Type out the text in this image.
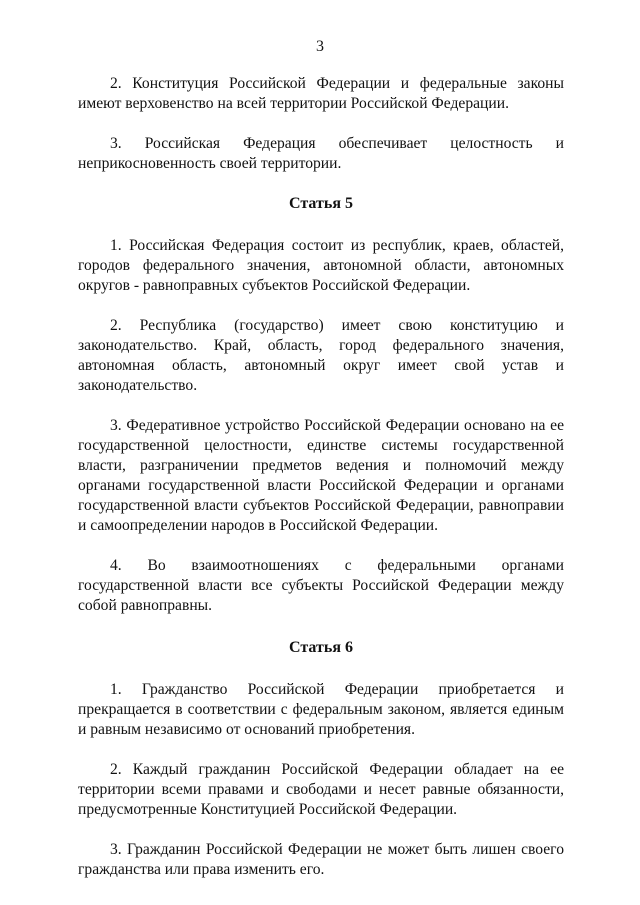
3

2. Конституция Российской Федерации и федеральные законы имеют верховенство на всей территории Российской Федерации.

3. Российская Федерация обеспечивает целостность и неприкосновенность своей территории.

Статья 5

1. Российская Федерация состоит из республик, краев, областей, городов федерального значения, автономной области, автономных округов - равноправных субъектов Российской Федерации.

2. Республика (государство) имеет свою конституцию и законодательство. Край, область, город федерального значения, автономная область, автономный округ имеет свой устав и законодательство.

3. Федеративное устройство Российской Федерации основано на ее государственной целостности, единстве системы государственной власти, разграничении предметов ведения и полномочий между органами государственной власти Российской Федерации и органами государственной власти субъектов Российской Федерации, равноправии и самоопределении народов в Российской Федерации.

4. Во взаимоотношениях с федеральными органами государственной власти все субъекты Российской Федерации между собой равноправны.

Статья 6

1. Гражданство Российской Федерации приобретается и прекращается в соответствии с федеральным законом, является единым и равным независимо от оснований приобретения.

2. Каждый гражданин Российской Федерации обладает на ее территории всеми правами и свободами и несет равные обязанности, предусмотренные Конституцией Российской Федерации.

3. Гражданин Российской Федерации не может быть лишен своего гражданства или права изменить его.
